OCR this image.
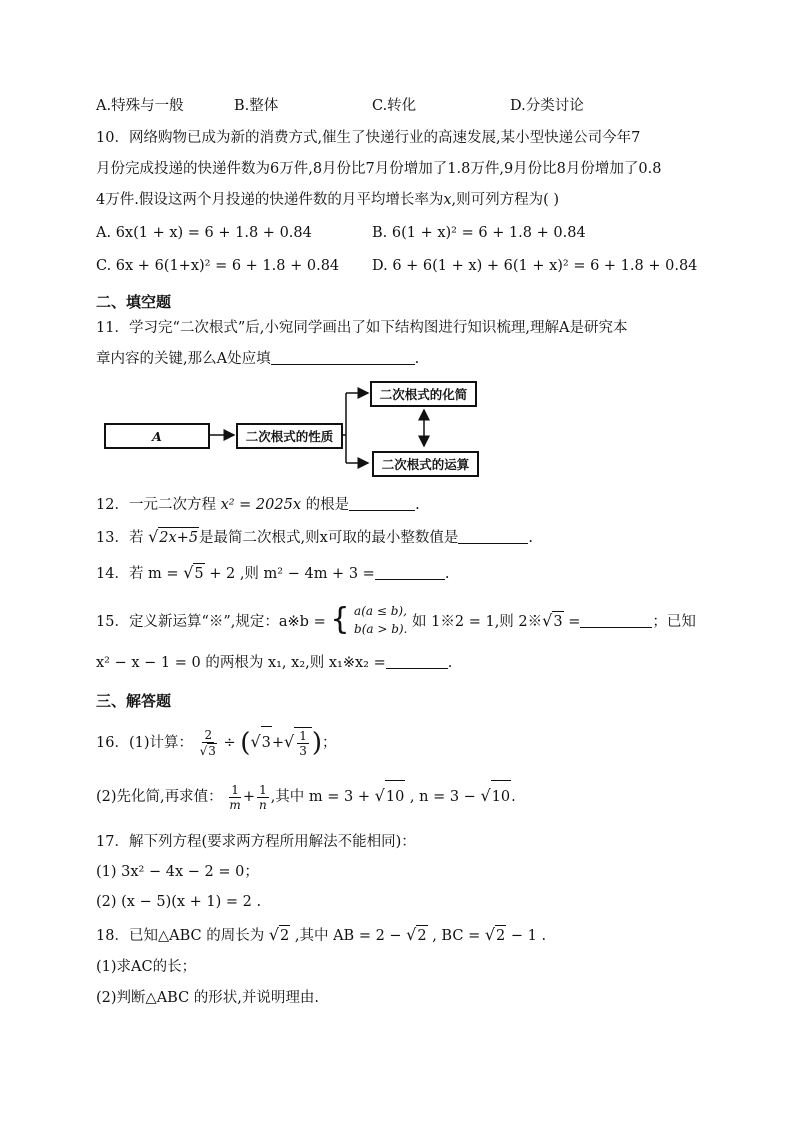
A.特殊与一般	B.整体	C.转化	D.分类讨论
10．网络购物已成为新的消费方式,催生了快递行业的高速发展,某小型快递公司今年7
月份完成投递的快递件数为6万件,8月份比7月份增加了1.8万件,9月份比8月份增加了0.8
4万件.假设这两个月投递的快递件数的月平均增长率为x,则可列方程为( )
A. 6x(1 + x) = 6 + 1.8 + 0.84	B. 6(1 + x)² = 6 + 1.8 + 0.84
C. 6x + 6(1+x)² = 6 + 1.8 + 0.84 D. 6 + 6(1 + x) + 6(1 + x)² = 6 + 1.8 + 0.84
二、填空题
11．学习完“二次根式”后,小宛同学画出了如下结构图进行知识梳理,理解A是研究本
章内容的关键,那么A处应填	.
A	二次根式的性质
二次根式的化简
二次根式的运算
12．一元二次方程 x² = 2025x 的根是	.
13．若 √2x+5是最简二次根式,则x可取的最小整数值是	.
14．若 m = √5 + 2 ,则 m² − 4m + 3 =	.
15．定义新运算“※”,规定：a※b = { a(a ≤ b),
b(a > b). 如 1※2 = 1,则 2※√3 =	；已知
x² − x − 1 = 0 的两根为 x₁, x₂,则 x₁※x₂ =	.
三、解答题
16．(1)计算： $\frac{2}{√3} \div (√3+√ \frac{1}{3}$ )；
(2)先化简,再求值： $\frac{1}{m} + \frac{1}{n}$ ,其中 m = 3 + √10 , n = 3 − √10.
17．解下列方程(要求两方程所用解法不能相同)：
(1) 3x² − 4x − 2 = 0；
(2) (x − 5)(x + 1) = 2 .
18．已知△ABC 的周长为 √2 ,其中 AB = 2 − √2 , BC = √2 − 1 .
(1)求AC的长；
(2)判断△ABC 的形状,并说明理由.
